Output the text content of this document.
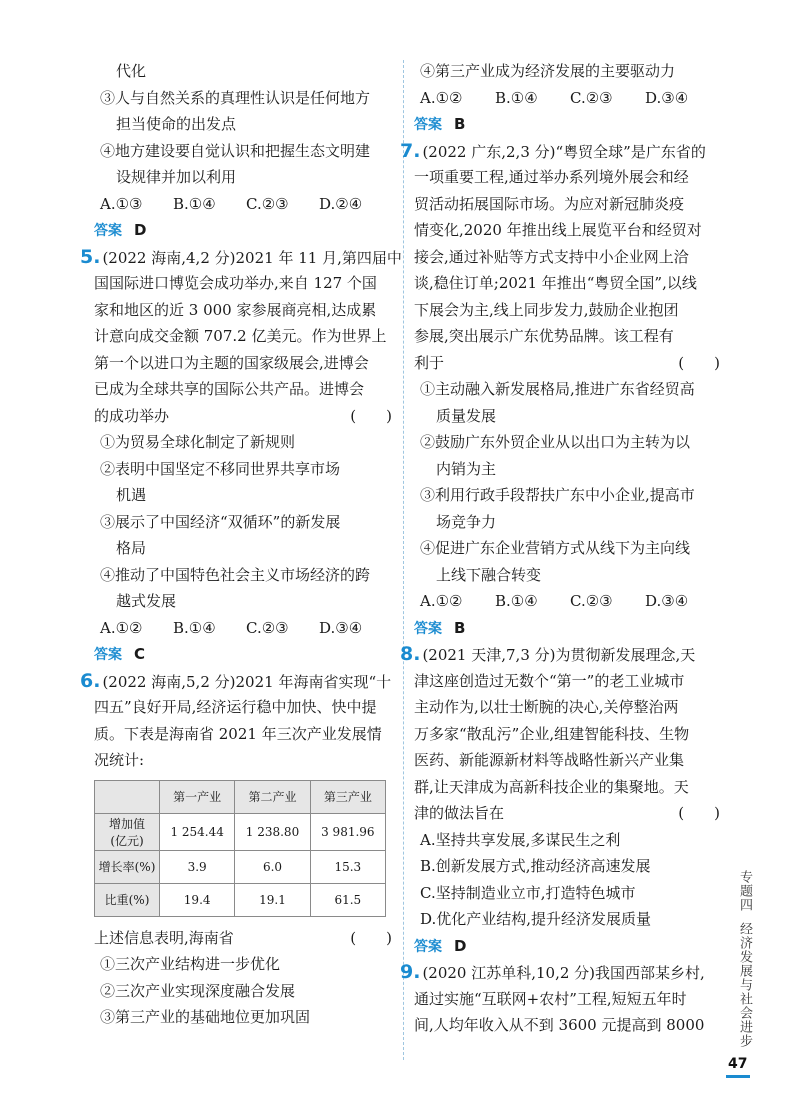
代化
③人与自然关系的真理性认识是任何地方
担当使命的出发点
④地方建设要自觉认识和把握生态文明建
设规律并加以利用
A.①③	B.①④	C.②③	D.②④
答案 D
5. (2022 海南,4,2 分) 2021 年 11 月,第四届中
国国际进口博览会成功举办,来自 127 个国
家和地区的近 3 000 家参展商亮相,达成累
计意向成交金额 707.2 亿美元。作为世界上
第一个以进口为主题的国家级展会,进博会
已成为全球共享的国际公共产品。进博会
的成功举办	(　　)
①为贸易全球化制定了新规则
②表明中国坚定不移同世界共享市场
机遇
③展示了中国经济“双循环”的新发展
格局
④推动了中国特色社会主义市场经济的跨
越式发展
A.①②	B.①④	C.②③	D.③④
答案 C
6. (2022 海南,5,2 分) 2021 年海南省实现“十
四五”良好开局,经济运行稳中加快、快中提
质。下表是海南省 2021 年三次产业发展情
况统计:
	第一产业	第二产业	第三产业
增加值
(亿元)	1 254.44	1 238.80	3 981.96
增长率(%)	3.9	6.0	15.3
比重(%)	19.4	19.1	61.5
上述信息表明,海南省	(　　)
①三次产业结构进一步优化
②三次产业实现深度融合发展
③第三产业的基础地位更加巩固
④第三产业成为经济发展的主要驱动力
A.①②	B.①④	C.②③	D.③④
答案 B
7. (2022 广东,2,3 分) “粤贸全球”是广东省的
一项重要工程,通过举办系列境外展会和经
贸活动拓展国际市场。为应对新冠肺炎疫
情变化,2020 年推出线上展览平台和经贸对
接会,通过补贴等方式支持中小企业网上洽
谈,稳住订单;2021 年推出“粤贸全国”,以线
下展会为主,线上同步发力,鼓励企业抱团
参展,突出展示广东优势品牌。该工程有
利于	(　　)
①主动融入新发展格局,推进广东省经贸高
质量发展
②鼓励广东外贸企业从以出口为主转为以
内销为主
③利用行政手段帮扶广东中小企业,提高市
场竞争力
④促进广东企业营销方式从线下为主向线
上线下融合转变
A.①②	B.①④	C.②③	D.③④
答案 B
8. (2021 天津,7,3 分) 为贯彻新发展理念,天
津这座创造过无数个“第一”的老工业城市
主动作为,以壮士断腕的决心,关停整治两
万多家“散乱污”企业,组建智能科技、生物
医药、新能源新材料等战略性新兴产业集
群,让天津成为高新科技企业的集聚地。天
津的做法旨在	(　　)
A.坚持共享发展,多谋民生之利
B.创新发展方式,推动经济高速发展
C.坚持制造业立市,打造特色城市
D.优化产业结构,提升经济发展质量
答案 D
9. (2020 江苏单科,10,2 分) 我国西部某乡村,
通过实施“互联网+农村”工程,短短五年时
间,人均年收入从不到 3600 元提高到 8000
专题四经济发展与社会进步
47
